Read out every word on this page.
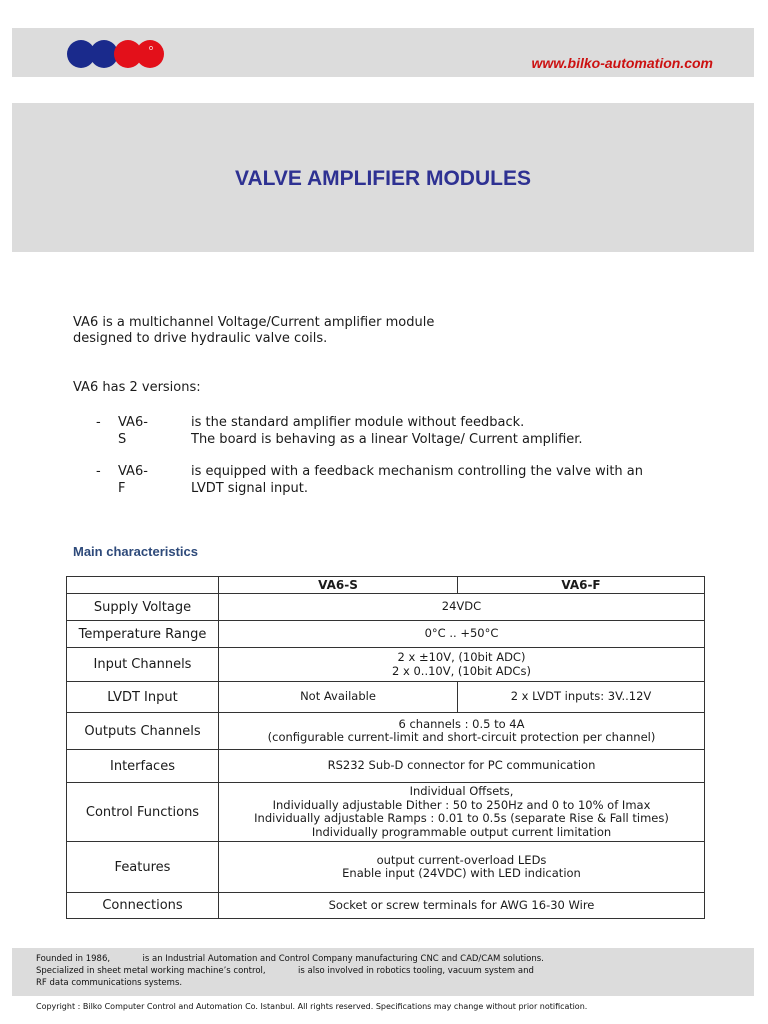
www.bilko-automation.com
VALVE AMPLIFIER MODULES

VA6 is a multichannel Voltage/Current amplifier module

designed to drive hydraulic valve coils.

VA6 has 2 versions:
- VA6-S
is the standard amplifier module without feedback.
The board is behaving as a linear Voltage/ Current amplifier.
- VA6-F
is equipped with a feedback mechanism controlling the valve with an
LVDT signal input.
Main characteristics
	VA6-S	VA6-F
Supply Voltage	24VDC	

Temperature Range	0°C .. +50°C	

Input Channels	2 x ±10V, (10bit ADC)
2 x 0..10V, (10bit ADCs)	

LVDT Input	Not Available	2 x LVDT inputs: 3V..12V
Outputs Channels	6 channels : 0.5 to 4A
(configurable current-limit and short-circuit protection per channel)	

Interfaces	RS232 Sub-D connector for PC communication	

Control Functions	Individual Offsets,
Individually adjustable Dither : 50 to 250Hz and 0 to 10% of Imax
Individually adjustable Ramps : 0.01 to 0.5s (separate Rise & Fall times)
Individually programmable output current limitation	

Features	output current-overload LEDs
Enable input (24VDC) with LED indication	

Connections	Socket or screw terminals for AWG 16-30 Wire	

Founded in 1986,            is an Industrial Automation and Control Company manufacturing CNC and CAD/CAM solutions.

Specialized in sheet metal working machine’s control,            is also involved in robotics tooling, vacuum system and

RF data communications systems.

Copyright : Bilko Computer Control and Automation Co. Istanbul. All rights reserved. Specifications may change without prior notification.
